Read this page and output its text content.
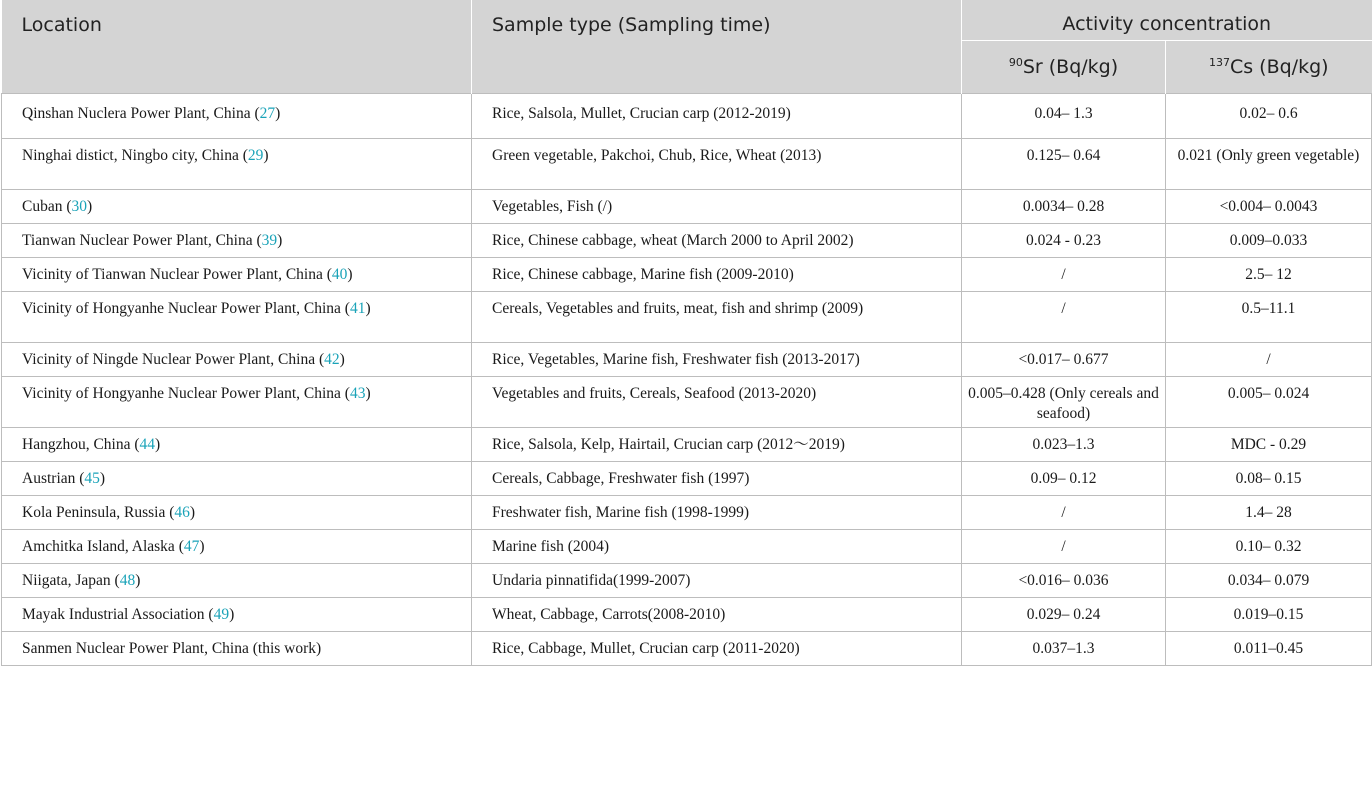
Location	Sample type (Sampling time)	Activity concentration	
		$^{90}$Sr (Bq/kg)	$^{137}$Cs (Bq/kg)
Qinshan Nuclera Power Plant, China (27)	Rice, Salsola, Mullet, Crucian carp (2012-2019)	0.04– 1.3	0.02– 0.6
Ninghai distict, Ningbo city, China (29)	Green vegetable, Pakchoi, Chub, Rice, Wheat (2013)	0.125– 0.64	0.021 (Only green vegetable)
Cuban (30)	Vegetables, Fish (/)	0.0034– 0.28	<0.004– 0.0043
Tianwan Nuclear Power Plant, China (39)	Rice, Chinese cabbage, wheat (March 2000 to April 2002)	0.024 - 0.23	0.009–0.033
Vicinity of Tianwan Nuclear Power Plant, China (40)	Rice, Chinese cabbage, Marine fish (2009-2010)	/	2.5– 12
Vicinity of Hongyanhe Nuclear Power Plant, China (41)	Cereals, Vegetables and fruits, meat, fish and shrimp (2009)	/	0.5–11.1
Vicinity of Ningde Nuclear Power Plant, China (42)	Rice, Vegetables, Marine fish, Freshwater fish (2013-2017)	<0.017– 0.677	/
Vicinity of Hongyanhe Nuclear Power Plant, China (43)	Vegetables and fruits, Cereals, Seafood (2013-2020)	0.005–0.428 (Only cereals and seafood)	0.005– 0.024
Hangzhou, China (44)	Rice, Salsola, Kelp, Hairtail, Crucian carp (2012～2019)	0.023–1.3	MDC - 0.29
Austrian (45)	Cereals, Cabbage, Freshwater fish (1997)	0.09– 0.12	0.08– 0.15
Kola Peninsula, Russia (46)	Freshwater fish, Marine fish (1998-1999)	/	1.4– 28
Amchitka Island, Alaska (47)	Marine fish (2004)	/	0.10– 0.32
Niigata, Japan (48)	Undaria pinnatifida(1999-2007)	<0.016– 0.036	0.034– 0.079
Mayak Industrial Association (49)	Wheat, Cabbage, Carrots(2008-2010)	0.029– 0.24	0.019–0.15
Sanmen Nuclear Power Plant, China (this work)	Rice, Cabbage, Mullet, Crucian carp (2011-2020)	0.037–1.3	0.011–0.45
